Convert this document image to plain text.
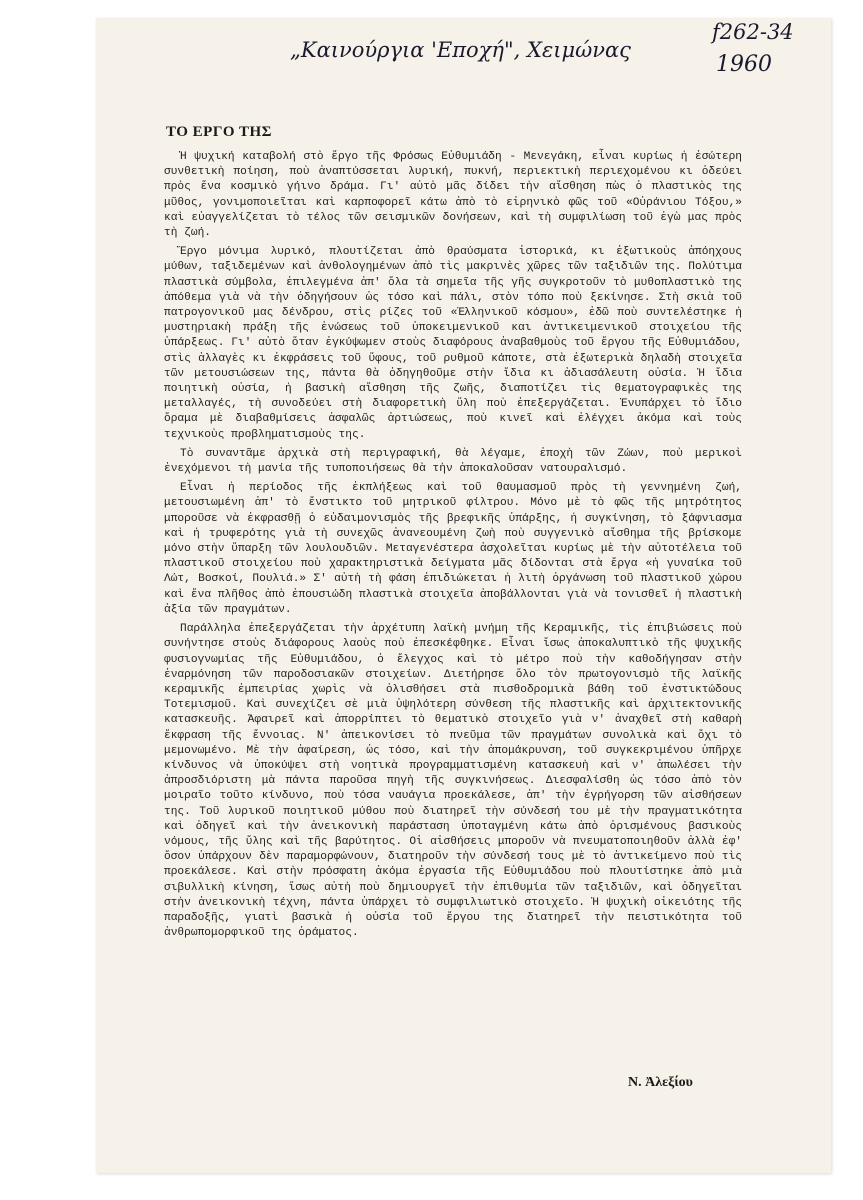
„Καινούργια 'Εποχή", Χειμώνας
f262-34
1960
ΤΟ ΕΡΓΟ ΤΗΣ

Ἡ ψυχική καταβολή στὸ ἔργο τῆς Φρόσως Εὐθυμιάδη - Μενεγάκη, εἶναι κυρίως ἡ ἐσώτερη συνθετικὴ ποίηση, ποὺ ἀναπτύσσεται λυρική, πυκνή, περιεκτικὴ περιεχομένου κι ὁδεύει πρὸς ἕνα κοσμικὸ γήινο δράμα. Γι' αὐτὸ μᾶς δίδει τὴν αἴσθηση πὼς ὁ πλαστικὸς της μῦθος, γονιμοποιεῖται καὶ καρποφορεῖ κάτω ἀπὸ τὸ εἰρηνικὸ φῶς τοῦ «Οὐράνιου Τόξου,» καὶ εὐαγγελίζεται τὸ τέλος τῶν σεισμικῶν δονήσεων, καὶ τὴ συμφιλίωση τοῦ ἐγὼ μας πρὸς τὴ ζωή.

Ἔργο μόνιμα λυρικό, πλουτίζεται ἀπὸ θραύσματα ἱστορικά, κι ἐξωτικοὺς ἀπόηχους μύθων, ταξιδεμένων καὶ ἀνθολογημένων ἀπὸ τὶς μακρινὲς χῶρες τῶν ταξιδιῶν της. Πολύτιμα πλαστικὰ σύμβολα, ἐπιλεγμένα ἀπ' ὅλα τὰ σημεῖα τῆς γῆς συγκροτοῦν τὸ μυθοπλαστικὸ της ἀπόθεμα γιὰ νὰ τὴν ὁδηγήσουν ὡς τόσο καὶ πάλι, στὸν τόπο ποὺ ξεκίνησε. Στὴ σκιὰ τοῦ πατρογονικοῦ μας δένδρου, στὶς ρίζες τοῦ «Ἑλληνικοῦ κόσμου», ἐδῶ ποὺ συντελέστηκε ἡ μυστηριακὴ πράξη τῆς ἑνώσεως τοῦ ὑποκειμενικοῦ και ἀντικειμενικοῦ στοιχείου τῆς ὑπάρξεως. Γι' αὐτὸ ὅταν ἐγκύψωμεν στοὺς διαφόρους ἀναβαθμοὺς τοῦ ἔργου τῆς Εὐθυμιάδου, στὶς ἀλλαγὲς κι ἐκφράσεις τοῦ ὕφους, τοῦ ρυθμοῦ κάποτε, στὰ ἐξωτερικὰ δηλαδὴ στοιχεῖα τῶν μετουσιώσεων της, πάντα θὰ ὁδηγηθοῦμε στὴν ἴδια κι ἀδιασάλευτη οὐσία. Ἡ ἴδια ποιητικὴ οὐσία, ἡ βασικὴ αἴσθηση τῆς ζωῆς, διαποτίζει τὶς θεματογραφικὲς της μεταλλαγές, τὴ συνοδεύει στὴ διαφορετικὴ ὕλη ποὺ ἐπεξεργάζεται. Ἐνυπάρχει τὸ ἴδιο ὅραμα μὲ διαβαθμίσεις ἀσφαλῶς ἀρτιώσεως, ποὺ κινεῖ καὶ ἐλέγχει ἀκόμα καὶ τοὺς τεχνικοὺς προβληματισμοὺς της.

Τὸ συναντᾶμε ἀρχικὰ στὴ περιγραφική, θὰ λέγαμε, ἐποχὴ τῶν Ζώων, ποὺ μερικοὶ ἐνεχόμενοι τὴ μανία τῆς τυποποιήσεως θὰ τὴν ἀποκαλοῦσαν νατουραλισμό.

Εἶναι ἡ περίοδος τῆς ἐκπλήξεως καὶ τοῦ θαυμασμοῦ πρὸς τὴ γεννημένη ζωή, μετουσιωμένη ἀπ' τὸ ἔνστικτο τοῦ μητρικοῦ φίλτρου. Μόνο μὲ τὸ φῶς τῆς μητρότητος μποροῦσε νὰ ἐκφρασθῇ ὁ εὐδαιμονισμὸς τῆς βρεφικῆς ὑπάρξης, ἡ συγκίνηση, τὸ ξάφνιασμα καὶ ἡ τρυφερότης γιὰ τὴ συνεχῶς ἀνανεουμένη ζωὴ ποὺ συγγενικὸ αἴσθημα τῆς βρίσκομε μόνο στὴν ὕπαρξη τῶν λουλουδιῶν. Μεταγενέστερα ἀσχολεῖται κυρίως μὲ τὴν αὐτοτέλεια τοῦ πλαστικοῦ στοιχείου ποὺ χαρακτηριστικὰ δείγματα μᾶς δίδονται στὰ ἔργα «ἡ γυναίκα τοῦ Λώτ, Βοσκοί, Πουλιά.» Σ' αὐτὴ τὴ φάση ἐπιδιώκεται ἡ λιτὴ ὀργάνωση τοῦ πλαστικοῦ χώρου καὶ ἕνα πλῆθος ἀπὸ ἐπουσιώδη πλαστικὰ στοιχεῖα ἀποβάλλονται γιὰ νὰ τονισθεῖ ἡ πλαστικὴ ἀξία τῶν πραγμάτων.

Παράλληλα ἐπεξεργάζεται τὴν ἀρχέτυπη λαϊκὴ μνήμη τῆς Κεραμικῆς, τὶς ἐπιβιώσεις ποὺ συνήντησε στοὺς διάφορους λαοὺς ποὺ ἐπεσκέφθηκε. Εἶναι ἴσως ἀποκαλυπτικὸ τῆς ψυχικῆς φυσιογνωμίας τῆς Εὐθυμιάδου, ὁ ἔλεγχος καὶ τὸ μέτρο ποὺ τὴν καθοδήγησαν στὴν ἐναρμόνηση τῶν παροδοσιακῶν στοιχείων. Διετήρησε ὅλο τὸν πρωτογονισμὸ τῆς λαϊκῆς κεραμικῆς ἐμπειρίας χωρὶς νὰ ὀλισθήσει στὰ πισθοδρομικὰ βάθη τοῦ ἐνστικτώδους Τοτεμισμοῦ. Καὶ συνεχίζει σὲ μιὰ ὑψηλότερη σύνθεση τῆς πλαστικῆς καὶ ἀρχιτεκτονικῆς κατασκευῆς. Ἀφαιρεῖ καὶ ἀπορρίπτει τὸ θεματικὸ στοιχεῖο γιὰ ν' ἀναχθεῖ στὴ καθαρὴ ἔκφραση τῆς ἔννοιας. Ν' ἀπεικονίσει τὸ πνεῦμα τῶν πραγμάτων συνολικὰ καὶ ὄχι τὸ μεμονωμένο. Μὲ τὴν ἀφαίρεση, ὡς τόσο, καὶ τὴν ἀπομάκρυνση, τοῦ συγκεκριμένου ὑπῆρχε κίνδυνος νὰ ὑποκύψει στὴ νοητικὰ προγραμματισμένη κατασκευὴ καὶ ν' ἀπωλέσει τὴν ἀπροσδιόριστη μὰ πάντα παροῦσα πηγὴ τῆς συγκινήσεως. Διεσφαλίσθη ὡς τόσο ἀπὸ τὸν μοιραῖο τοῦτο κίνδυνο, ποὺ τόσα ναυάγια προεκάλεσε, ἀπ' τὴν ἐγρήγορση τῶν αἰσθήσεων της. Τοῦ λυρικοῦ ποιητικοῦ μύθου ποὺ διατηρεῖ τὴν σύνδεσή του μὲ τὴν πραγματικότητα καὶ ὁδηγεῖ καὶ τὴν ἀνεικονικὴ παράσταση ὑποταγμένη κάτω ἀπὸ ὁρισμένους βασικοὺς νόμους, τῆς ὕλης καὶ τῆς βαρύτητος. Οἱ αἰσθήσεις μποροῦν νὰ πνευματοποιηθοῦν ἀλλὰ ἐφ' ὅσον ὑπάρχουν δὲν παραμορφώνουν, διατηροῦν τὴν σύνδεσή τους μὲ τὸ ἀντικείμενο ποὺ τὶς προεκάλεσε. Καὶ στὴν πρόσφατη ἀκόμα ἐργασία τῆς Εὐθυμιάδου ποὺ πλουτίστηκε ἀπὸ μιὰ σιβυλλικὴ κίνηση, ἴσως αὐτὴ ποὺ δημιουργεῖ τὴν ἐπιθυμία τῶν ταξιδιῶν, καὶ ὁδηγεῖται στὴν ἀνεικονικὴ τέχνη, πάντα ὑπάρχει τὸ συμφιλιωτικὸ στοιχεῖο. Ἡ ψυχικὴ οἰκειότης τῆς παραδοξῆς, γιατὶ βασικὰ ἡ οὐσία τοῦ ἔργου της διατηρεῖ τὴν πειστικότητα τοῦ ἀνθρωπομορφικοῦ της ὁράματος.

Ν. Ἀλεξίου
